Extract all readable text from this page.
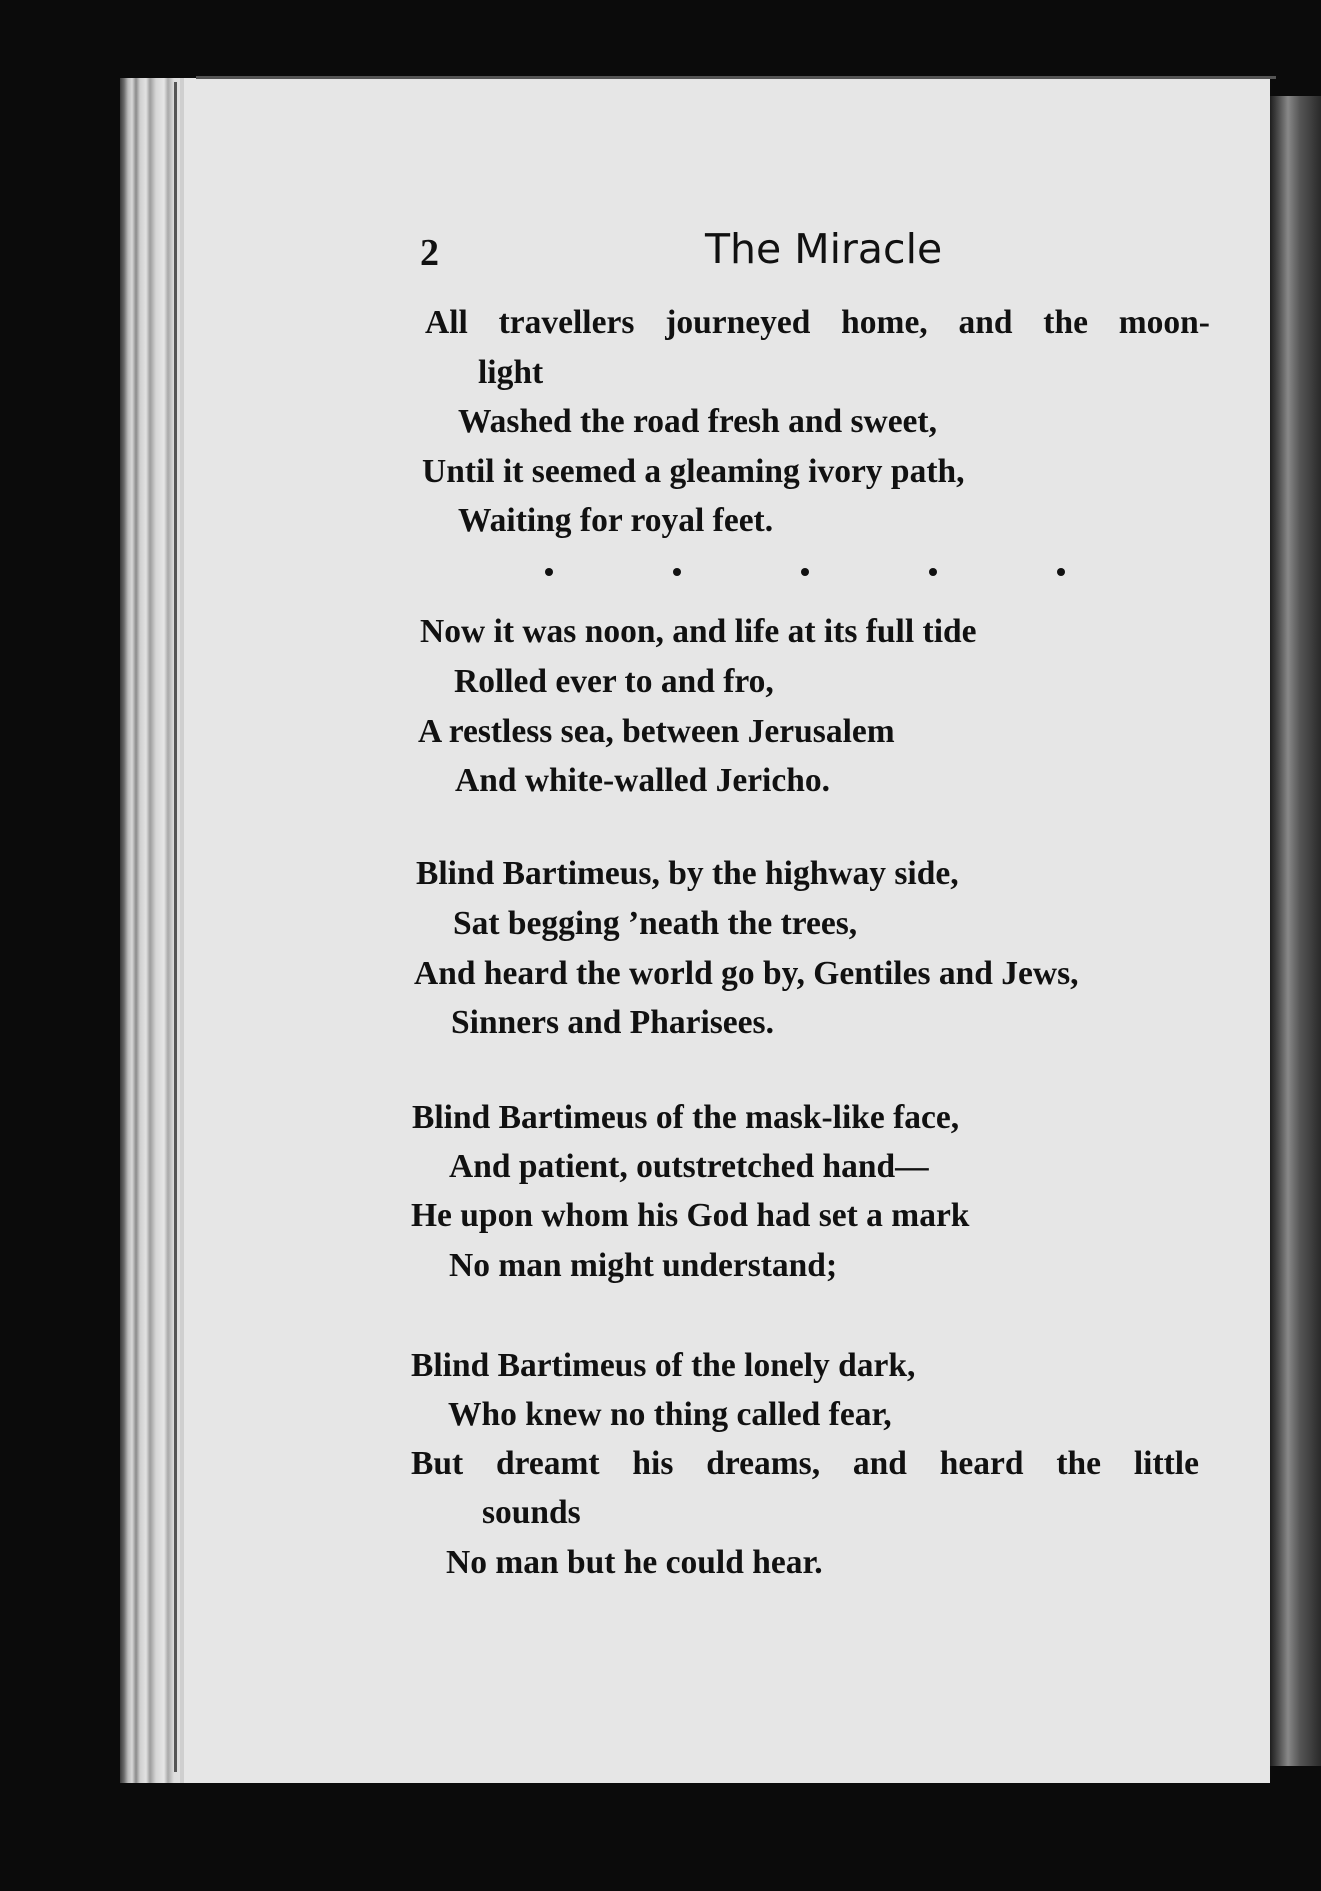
2	The Miracle
All travellers journeyed home, and the moon-
light
Washed the road fresh and sweet,
Until it seemed a gleaming ivory path,
Waiting for royal feet.
Now it was noon, and life at its full tide
Rolled ever to and fro,
A restless sea, between Jerusalem
And white-walled Jericho.
Blind Bartimeus, by the highway side,
Sat begging ’neath the trees,
And heard the world go by, Gentiles and Jews,
Sinners and Pharisees.
Blind Bartimeus of the mask-like face,
And patient, outstretched hand—
He upon whom his God had set a mark
No man might understand;
Blind Bartimeus of the lonely dark,
Who knew no thing called fear,
But dreamt his dreams, and heard the little
sounds
No man but he could hear.
